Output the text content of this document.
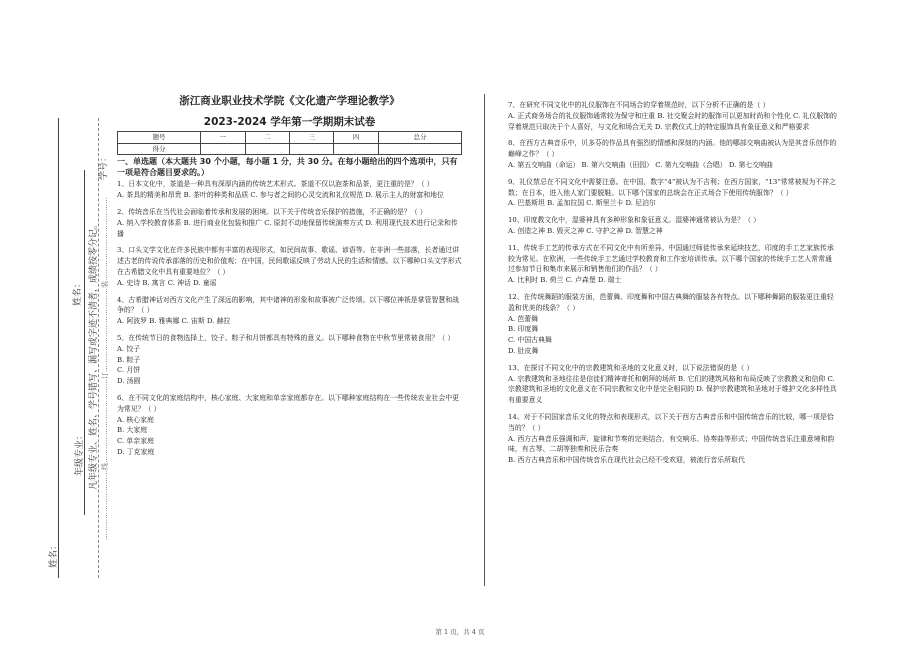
学号：
姓名：
年级专业： 凡年级专业、姓名、学号错写、漏写或字迹不清者，成绩按零分记。 …………………………线………………………………订………………………………装………………………………
姓名：
浙江商业职业技术学院《文化遗产学理论教学》
2023-2024 学年第一学期期末试卷
题号	一	二	三	四	总分
得分					
一、单选题（本大题共 30 个小题，每小题 1 分，共 30 分。在每小题给出的四个选项中，只有一项是符合题目要求的。）

1、日本文化中，茶道是一种具有深厚内涵的传统艺术形式。茶道不仅以泡茶和品茶，更注重的是？（ ）

A. 茶具的精美和昂贵 B. 茶叶的种类和品质 C. 参与者之间的心灵交流和礼仪规范 D. 展示主人的财富和地位

2、传统音乐在当代社会面临着传承和发展的困境。以下关于传统音乐保护的措施，不正确的是？（ ）

A. 纳入学校教育体系 B. 进行商业化包装和推广 C. 原封不动地保留传统演奏方式 D. 利用现代技术进行记录和传播

3、口头文学文化在许多民族中都有丰富的表现形式，如民间故事、歌谣、谚语等。在非洲一些部落，长者通过讲述古老的传说传承部落的历史和价值观；在中国，民间歌谣反映了劳动人民的生活和情感。以下哪种口头文学形式在古希腊文化中具有重要地位？（ ）

A. 史诗 B. 寓言 C. 神话 D. 童谣

4、古希腊神话对西方文化产生了深远的影响，其中诸神的形象和故事被广泛传颂。以下哪位神祇是掌管智慧和战争的？（ ）

A. 阿波罗 B. 雅典娜 C. 宙斯 D. 赫拉

5、在传统节日的食物选择上，饺子、粽子和月饼都具有特殊的意义。以下哪种食物在中秋节里常被食用？（ ）

A. 饺子

B. 粽子

C. 月饼

D. 汤圆

6、在不同文化的家庭结构中，核心家庭、大家庭和单亲家庭都存在。以下哪种家庭结构在一些传统农业社会中更为常见？（ ）

A. 核心家庭

B. 大家庭

C. 单亲家庭

D. 丁克家庭

7、在研究不同文化中的礼仪服饰在不同场合的穿着规范时，以下分析不正确的是（ ）

A. 正式商务场合的礼仪服饰通常较为保守和庄重 B. 社交聚会时的服饰可以更加时尚和个性化 C. 礼仪服饰的穿着规范只取决于个人喜好，与文化和场合无关 D. 宗教仪式上的特定服饰具有象征意义和严格要求

8、在西方古典音乐中，贝多芬的作品具有强烈的情感和深刻的内涵。他的哪部交响曲被认为是其音乐创作的巅峰之作？（ ）

A. 第五交响曲（命运） B. 第六交响曲（田园） C. 第九交响曲（合唱） D. 第七交响曲

9、礼仪禁忌在不同文化中需要注意。在中国，数字“4”被认为不吉利；在西方国家，“13”常常被视为不祥之数；在日本，进入他人家门要脱鞋。以下哪个国家的总统会在正式场合下使用传统服饰？（ ）

A. 巴基斯坦 B. 孟加拉国 C. 斯里兰卡 D. 尼泊尔

10、印度教文化中，湿婆神具有多种形象和象征意义。湿婆神通常被认为是？（ ）

A. 创造之神 B. 毁灭之神 C. 守护之神 D. 智慧之神

11、传统手工艺的传承方式在不同文化中有所差异。中国通过师徒传承来延续技艺，印度的手工艺家族传承较为常见。在欧洲，一些传统手工艺通过学校教育和工作室培训传承。以下哪个国家的传统手工艺人常常通过参加节日和集市来展示和销售他们的作品？（ ）

A. 比利时 B. 荷兰 C. 卢森堡 D. 瑞士

12、在传统舞蹈的服装方面，芭蕾舞、印度舞和中国古典舞的服装各有特点。以下哪种舞蹈的服装更注重轻盈和优美的线条？（ ）

A. 芭蕾舞

B. 印度舞

C. 中国古典舞

D. 肚皮舞

13、在探讨不同文化中的宗教建筑和圣地的文化意义时，以下说法错误的是（ ）

A. 宗教建筑和圣地往往是信徒们精神寄托和朝拜的场所 B. 它们的建筑风格和布局反映了宗教教义和信仰 C. 宗教建筑和圣地的文化意义在不同宗教和文化中是完全相同的 D. 保护宗教建筑和圣地对于维护文化多样性具有重要意义

14、对于不同国家音乐文化的特点和表现形式，以下关于西方古典音乐和中国传统音乐的比较，哪一项是恰当的？（ ）

A. 西方古典音乐强调和声、旋律和节奏的完美结合，有交响乐、协奏曲等形式；中国传统音乐注重意境和韵味，有古琴、二胡等独奏和民乐合奏

B. 西方古典音乐和中国传统音乐在现代社会已经不受欢迎，被流行音乐所取代

第 1 页，共 4 页
